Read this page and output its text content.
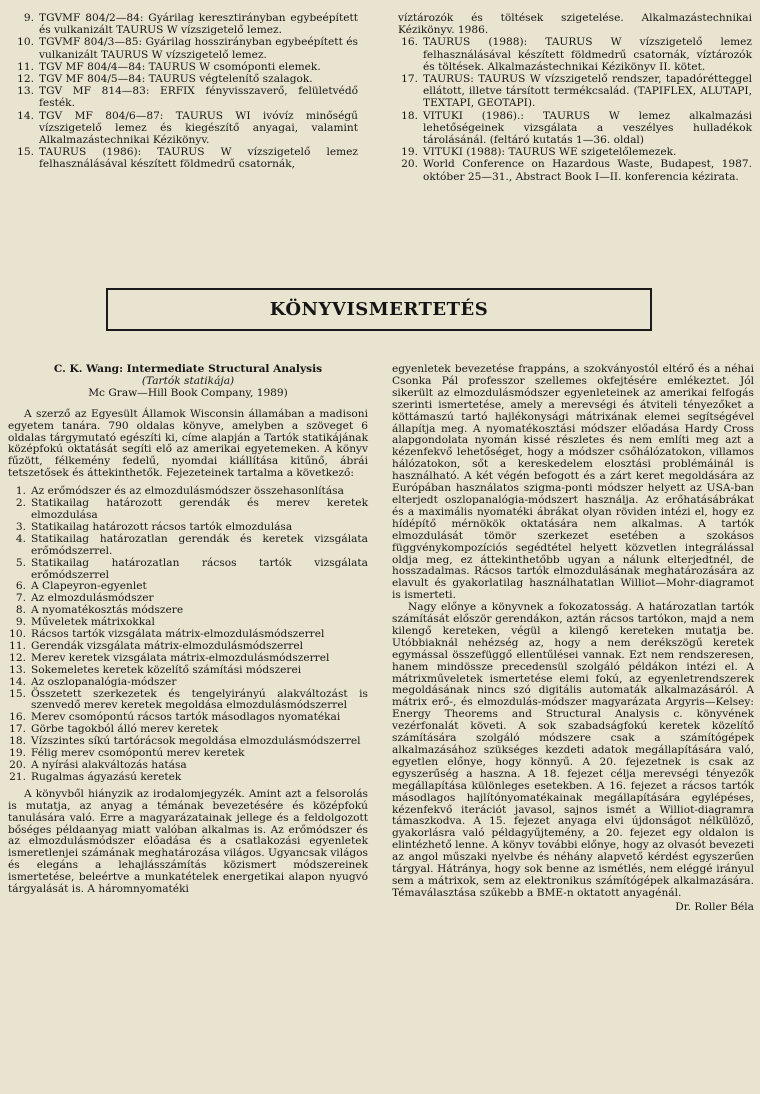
9. TGVMF 804/2—84: Gyárilag keresztirányban egybeépített és vulkanizált TAURUS W vízszigetelő lemez.
10. TGVMF 804/3—85: Gyárilag hosszirányban egybeépített és vulkanizált TAURUS W vízszigetelő lemez.
11. TGV MF 804/4—84: TAURUS W csomóponti elemek.
12. TGV MF 804/5—84: TAURUS végtelenítő szalagok.
13. TGV MF 814—83: ERFIX fényvisszaverő, felületvédő festék.
14. TGV MF 804/6—87: TAURUS WI ivóvíz minőségű vízszigetelő lemez és kiegészítő anyagai, valamint Alkalmazástechnikai Kézikönyv.
15. TAURUS (1986): TAURUS W vízszigetelő lemez felhasználásával készített földmedrű csatornák,
víztározók és töltések szigetelése. Alkalmazástechnikai Kézikönyv. 1986.
16. TAURUS (1988): TAURUS W vízszigetelő lemez felhasználásával készített földmedrű csatornák, víztározók és töltések. Alkalmazástechnikai Kézikönyv II. kötet.
17. TAURUS: TAURUS W vízszigetelő rendszer, tapadórétteggel ellátott, illetve társított termékcsalád. (TAPIFLEX, ALUTAPI, TEXTAPI, GEOTAPI).
18. VITUKI (1986).: TAURUS W lemez alkalmazási lehetőségeinek vizsgálata a veszélyes hulladékok tárolásánál. (feltáró kutatás 1—36. oldal)
19. VITUKI (1988): TAURUS WE szigetelőlemezek.
20. World Conference on Hazardous Waste, Budapest, 1987. október 25—31., Abstract Book I—II. konferencia kézirata.
KÖNYVISMERTETÉS
C. K. Wang: Intermediate Structural Analysis
(Tartók statikája)
Mc Graw—Hill Book Company, 1989)

A szerző az Egyesült Államok Wisconsin államában a madisoni egyetem tanára. 790 oldalas könyve, amelyben a szöveget 6 oldalas tárgymutató egészíti ki, címe alapján a Tartók statikájának középfokú oktatását segíti elő az amerikai egyetemeken. A könyv fűzött, félkemény fedelű, nyomdai kiállítása kitűnő, ábrái tetszetősek és áttekinthetők. Fejezeteinek tartalma a következő:

1. Az erőmódszer és az elmozdulásmódszer összehasonlítása
2. Statikailag határozott gerendák és merev keretek elmozdulása
3. Statikailag határozott rácsos tartók elmozdulása
4. Statikailag határozatlan gerendák és keretek vizsgálata erőmódszerrel.
5. Statikailag határozatlan rácsos tartók vizsgálata erőmódszerrel
6. A Clapeyron-egyenlet
7. Az elmozdulásmódszer
8. A nyomatékosztás módszere
9. Műveletek mátrixokkal
10. Rácsos tartók vizsgálata mátrix-elmozdulásmódszerrel
11. Gerendák vizsgálata mátrix-elmozdulásmódszerrel
12. Merev keretek vizsgálata mátrix-elmozdulásmódszerrel
13. Sokemeletes keretek közelítő számítási módszerei
14. Az oszlopanalógia-módszer
15. Összetett szerkezetek és tengelyirányú alakváltozást is szenvedő merev keretek megoldása elmozdulásmódszerrel
16. Merev csomópontú rácsos tartók másodlagos nyomatékai
17. Görbe tagokból álló merev keretek
18. Vízszintes síkú tartórácsok megoldása elmozdulásmódszerrel
19. Félig merev csomópontú merev keretek
20. A nyírási alakváltozás hatása
21. Rugalmas ágyazású keretek

A könyvből hiányzik az irodalomjegyzék. Amint azt a felsorolás is mutatja, az anyag a témának bevezetésére és középfokú tanulására való. Erre a magyarázatainak jellege és a feldolgozott bőséges példaanyag miatt valóban alkalmas is. Az erőmódszer és az elmozdulásmódszer előadása és a csatlakozási egyenletek ismeretlenjei számának meghatározása világos. Ugyancsak világos és elegáns a lehajlásszámítás közismert módszereinek ismertetése, beleértve a munkatételek energetikai alapon nyugvó tárgyalását is. A háromnyomatéki

egyenletek bevezetése frappáns, a szokványostól eltérő és a néhai Csonka Pál professzor szellemes okfejtésére emlékeztet. Jól sikerült az elmozdulásmódszer egyenleteinek az amerikai felfogás szerinti ismertetése, amely a merevségi és átviteli tényezőket a köttámaszú tartó hajlékonysági mátrixának elemei segítségével állapítja meg. A nyomatékosztási módszer előadása Hardy Cross alapgondolata nyomán kissé részletes és nem említi meg azt a kézenfekvő lehetőséget, hogy a módszer csőhálózatokon, villamos hálózatokon, sőt a kereskedelem elosztási problémáinál is használható. A két végén befogott és a zárt keret megoldására az Európában használatos szigma-ponti módszer helyett az USA-ban elterjedt oszlopanalógia-módszert használja. Az erőhatásábrákat és a maximális nyomatéki ábrákat olyan röviden intézi el, hogy ez hídépítő mérnökök oktatására nem alkalmas. A tartók elmozdulását tömör szerkezet esetében a szokásos függvénykompozíciós segédtétel helyett közvetlen integrálással oldja meg, ez áttekinthetőbb ugyan a nálunk elterjedtnél, de hosszadalmas. Rácsos tartók elmozdulásának meghatározására az elavult és gyakorlatilag használhatatlan Williot—Mohr-diagramot is ismerteti.

Nagy előnye a könyvnek a fokozatosság. A határozatlan tartók számítását először gerendákon, aztán rácsos tartókon, majd a nem kilengő kereteken, végül a kilengő kereteken mutatja be. Utóbbiaknál nehézség az, hogy a nem derékszögű keretek egymással összefüggő ellentűlései vannak. Ezt nem rendszeresen, hanem mindössze precedensül szolgáló példákon intézi el. A mátrixműveletek ismertetése elemi fokú, az egyenletrendszerek megoldásának nincs szó digitális automaták alkalmazásáról. A mátrix erő-, és elmozdulás-módszer magyarázata Argyris—Kelsey: Energy Theorems and Structural Analysis c. könyvének vezérfonalát követi. A sok szabadságfokú keretek közelítő számítására szolgáló módszere csak a számítógépek alkalmazásához szükséges kezdeti adatok megállapítására való, egyetlen előnye, hogy könnyű. A 20. fejezetnek is csak az egyszerűség a haszna. A 18. fejezet célja merevségi tényezők megállapítása különleges esetekben. A 16. fejezet a rácsos tartók másodlagos hajlítónyomatékainak megállapítására egylépéses, kézenfekvő iterációt javasol, sajnos ismét a Williot-diagramra támaszkodva. A 15. fejezet anyaga elvi újdonságot nélkülöző, gyakorlásra való példagyűjtemény, a 20. fejezet egy oldalon is elintézhető lenne. A könyv további előnye, hogy az olvasót bevezeti az angol műszaki nyelvbe és néhány alapvető kérdést egyszerűen tárgyal. Hátránya, hogy sok benne az ismétlés, nem eléggé irányul sem a mátrixok, sem az elektronikus számítógépek alkalmazására. Témaválasztása szűkebb a BME-n oktatott anyagénál.

Dr. Roller Béla
